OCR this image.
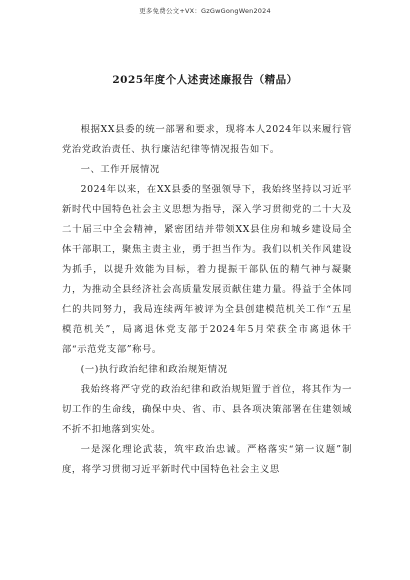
更多免费公文+VX：GzGwGongWen2024
2025年度个人述责述廉报告（精品）

根据XX县委的统一部署和要求，现将本人2024年以来履行管党治党政治责任、执行廉洁纪律等情况报告如下。

一、工作开展情况

2024年以来，在XX县委的坚强领导下，我始终坚持以习近平新时代中国特色社会主义思想为指导，深入学习贯彻党的二十大及二十届三中全会精神，紧密团结并带领XX县住房和城乡建设局全体干部职工，聚焦主责主业，勇于担当作为。我们以机关作风建设为抓手，以提升效能为目标，着力提振干部队伍的精气神与凝聚力，为推动全县经济社会高质量发展贡献住建力量。得益于全体同仁的共同努力，我局连续两年被评为全县创建模范机关工作“五星模范机关”，局离退休党支部于2024年5月荣获全市离退休干部“示范党支部”称号。

(一)执行政治纪律和政治规矩情况

我始终将严守党的政治纪律和政治规矩置于首位，将其作为一切工作的生命线，确保中央、省、市、县各项决策部署在住建领域不折不扣地落到实处。

一是深化理论武装，筑牢政治忠诚。严格落实“第一议题”制度，将学习贯彻习近平新时代中国特色社会主义思
